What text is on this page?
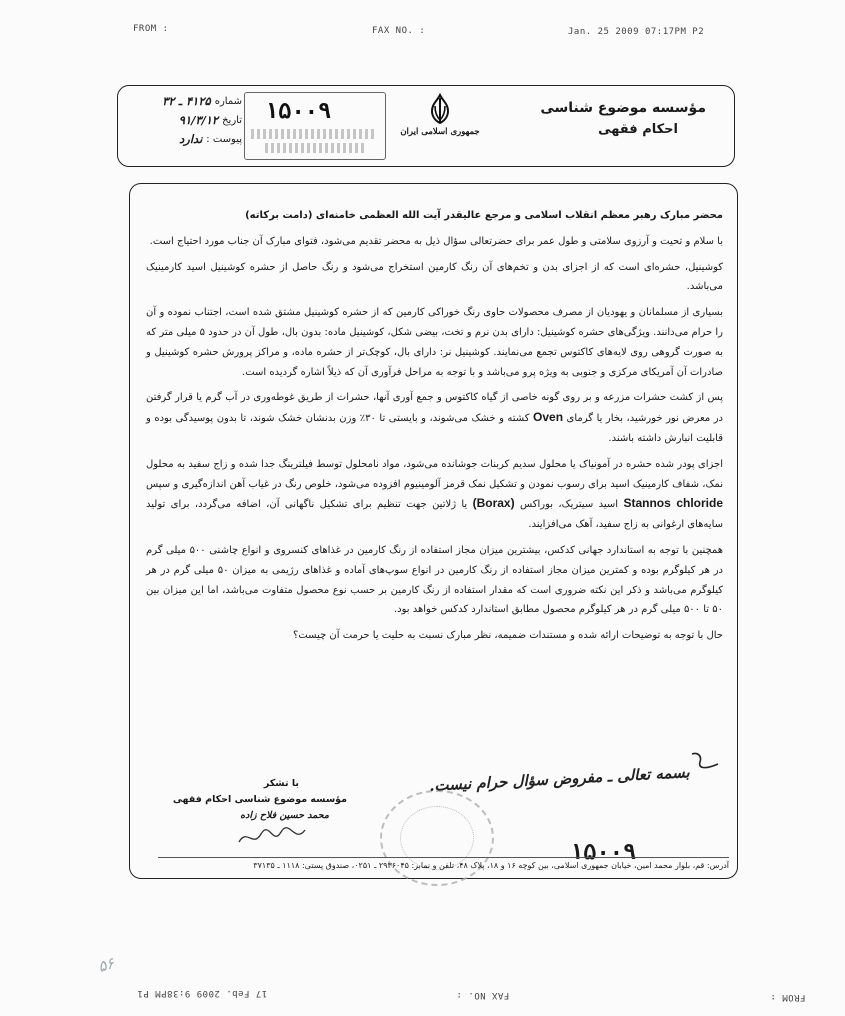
FROM :	FAX NO. :	Jan. 25 2009 07:17PM P2
17 Feb. 2009 9:38PM P1	FAX NO. :	FROM :
مؤسسه موضوع شناسی
احکام فقهی
جمهوری اسلامی ایران
۱۵۰۰۹
شماره
۴۱۲۵ ـ ۳۲
تاریخ
۹۱/۳/۱۲
پیوست :
ندارد
محضر مبارک رهبر معظم انقلاب اسلامی و مرجع عالیقدر آیت الله العظمی خامنه‌ای (دامت برکاته)

با سلام و تحیت و آرزوی سلامتی و طول عمر برای حضرتعالی سؤال ذیل به محضر تقدیم می‌شود، فتوای مبارک آن جناب مورد احتیاج است.

کوشینیل، حشره‌ای است که از اجزای بدن و تخم‌های آن رنگ کارمین استخراج می‌شود و رنگ حاصل از حشره کوشینیل اسید کارمینیک می‌باشد.

بسیاری از مسلمانان و یهودیان از مصرف محصولات حاوی رنگ خوراکی کارمین که از حشره کوشینیل مشتق شده است، اجتناب نموده و آن را حرام می‌دانند. ویژگی‌های حشره کوشینیل: دارای بدن نرم و تخت، بیضی شکل، کوشینیل ماده: بدون بال، طول آن در حدود ۵ میلی متر که به صورت گروهی روی لایه‌های کاکتوس تجمع می‌نمایند. کوشینیل نر: دارای بال، کوچک‌تر از حشره ماده، و مراکز پرورش حشره کوشینیل و صادرات آن آمریکای مرکزی و جنوبی به ویژه پرو می‌باشد و با توجه به مراحل فرآوری آن که ذیلاً اشاره گردیده است.

پس از کشت حشرات مزرعه و بر روی گونه خاصی از گیاه کاکتوس و جمع آوری آنها، حشرات از طریق غوطه‌وری در آب گرم یا قرار گرفتن در معرض نور خورشید، بخار یا گرمای Oven کشته و خشک می‌شوند، و بایستی تا ۳۰٪ وزن بدنشان خشک شوند، تا بدون پوسیدگی بوده و قابلیت انبارش داشته باشند.

اجزای پودر شده حشره در آمونیاک یا محلول سدیم کربنات جوشانده می‌شود، مواد نامحلول توسط فیلترینگ جدا شده و زاج سفید به محلول نمک، شفاف کارمینیک اسید برای رسوب نمودن و تشکیل نمک قرمز آلومینیوم افزوده می‌شود، خلوص رنگ در غیاب آهن اندازه‌گیری و سپس Stannos chloride اسید سیتریک، بوراکس (Borax) یا ژلاتین جهت تنظیم برای تشکیل ناگهانی آن، اضافه می‌گردد، برای تولید سایه‌های ارغوانی به زاج سفید، آهک می‌افزایند.

همچنین با توجه به استاندارد جهانی کدکس، بیشترین میزان مجاز استفاده از رنگ کارمین در غذاهای کنسروی و انواع چاشنی ۵۰۰ میلی گرم در هر کیلوگرم بوده و کمترین میزان مجاز استفاده از رنگ کارمین در انواع سوپ‌های آماده و غذاهای رژیمی به میزان ۵۰ میلی گرم در هر کیلوگرم می‌باشد و ذکر این نکته ضروری است که مقدار استفاده از رنگ کارمین بر حسب نوع محصول متفاوت می‌باشد، اما این میزان بین ۵۰ تا ۵۰۰ میلی گرم در هر کیلوگرم محصول مطابق استاندارد کدکس خواهد بود.

حال با توجه به توضیحات ارائه شده و مستندات ضمیمه، نظر مبارک نسبت به حلیت یا حرمت آن چیست؟

با تشکر
مؤسسه موضوع شناسی احکام فقهی
محمد حسین فلاح زاده
بسمه تعالی ـ مفروض سؤال حرام نیست.
۱۵۰۰۹
آدرس: قم، بلوار محمد امین، خیابان جمهوری اسلامی، بین کوچه ۱۶ و ۱۸، پلاک ۴۸، تلفن و نمابر: ۲۹۳۶۰۴۵ ـ ۰۲۵۱، صندوق پستی: ۱۱۱۸ ـ ۳۷۱۳۵
۵۶
